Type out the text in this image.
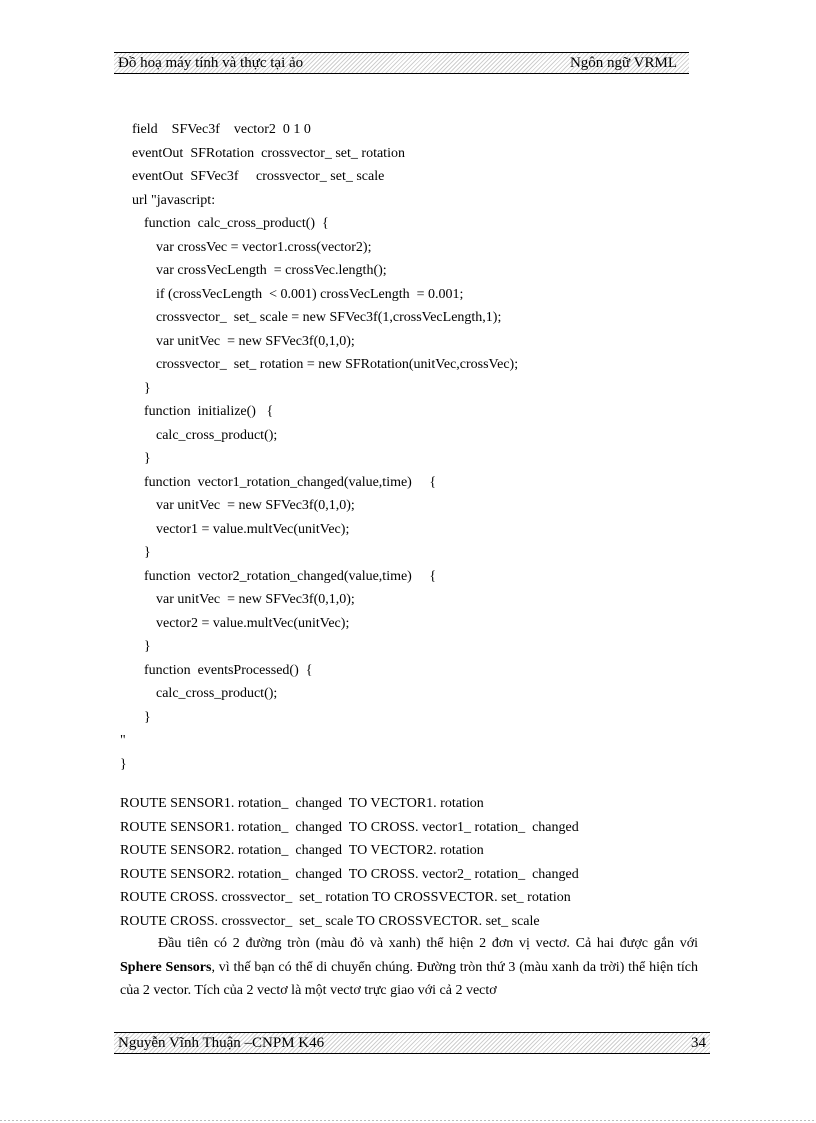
Đồ hoạ máy tính và thực tại ảo	Ngôn ngữ VRML
field    SFVec3f    vector2  0 1 0
eventOut  SFRotation  crossvector_ set_ rotation
eventOut  SFVec3f     crossvector_ set_ scale
url "javascript:
function  calc_cross_product()  {
var crossVec = vector1.cross(vector2);
var crossVecLength  = crossVec.length();
if (crossVecLength  < 0.001) crossVecLength  = 0.001;
crossvector_  set_ scale = new SFVec3f(1,crossVecLength,1);
var unitVec  = new SFVec3f(0,1,0);
crossvector_  set_ rotation = new SFRotation(unitVec,crossVec);
}
function  initialize()   {
calc_cross_product();
}
function  vector1_rotation_changed(value,time)     {
var unitVec  = new SFVec3f(0,1,0);
vector1 = value.multVec(unitVec);
}
function  vector2_rotation_changed(value,time)     {
var unitVec  = new SFVec3f(0,1,0);
vector2 = value.multVec(unitVec);
}
function  eventsProcessed()  {
calc_cross_product();
}
"
}
ROUTE SENSOR1. rotation_  changed  TO VECTOR1. rotation
ROUTE SENSOR1. rotation_  changed  TO CROSS. vector1_ rotation_  changed
ROUTE SENSOR2. rotation_  changed  TO VECTOR2. rotation
ROUTE SENSOR2. rotation_  changed  TO CROSS. vector2_ rotation_  changed
ROUTE CROSS. crossvector_  set_ rotation TO CROSSVECTOR. set_ rotation
ROUTE CROSS. crossvector_  set_ scale TO CROSSVECTOR. set_ scale
Đầu tiên có 2 đường tròn (màu đỏ và xanh) thể hiện 2 đơn vị vectơ. Cả hai được gắn với Sphere Sensors, vì thế bạn có thể di chuyển chúng. Đường tròn thứ 3 (màu xanh da trời) thể hiện tích của 2 vector. Tích của 2 vectơ là một vectơ trực giao với cả 2 vectơ
Nguyễn Vĩnh Thuận –CNPM K46	34
